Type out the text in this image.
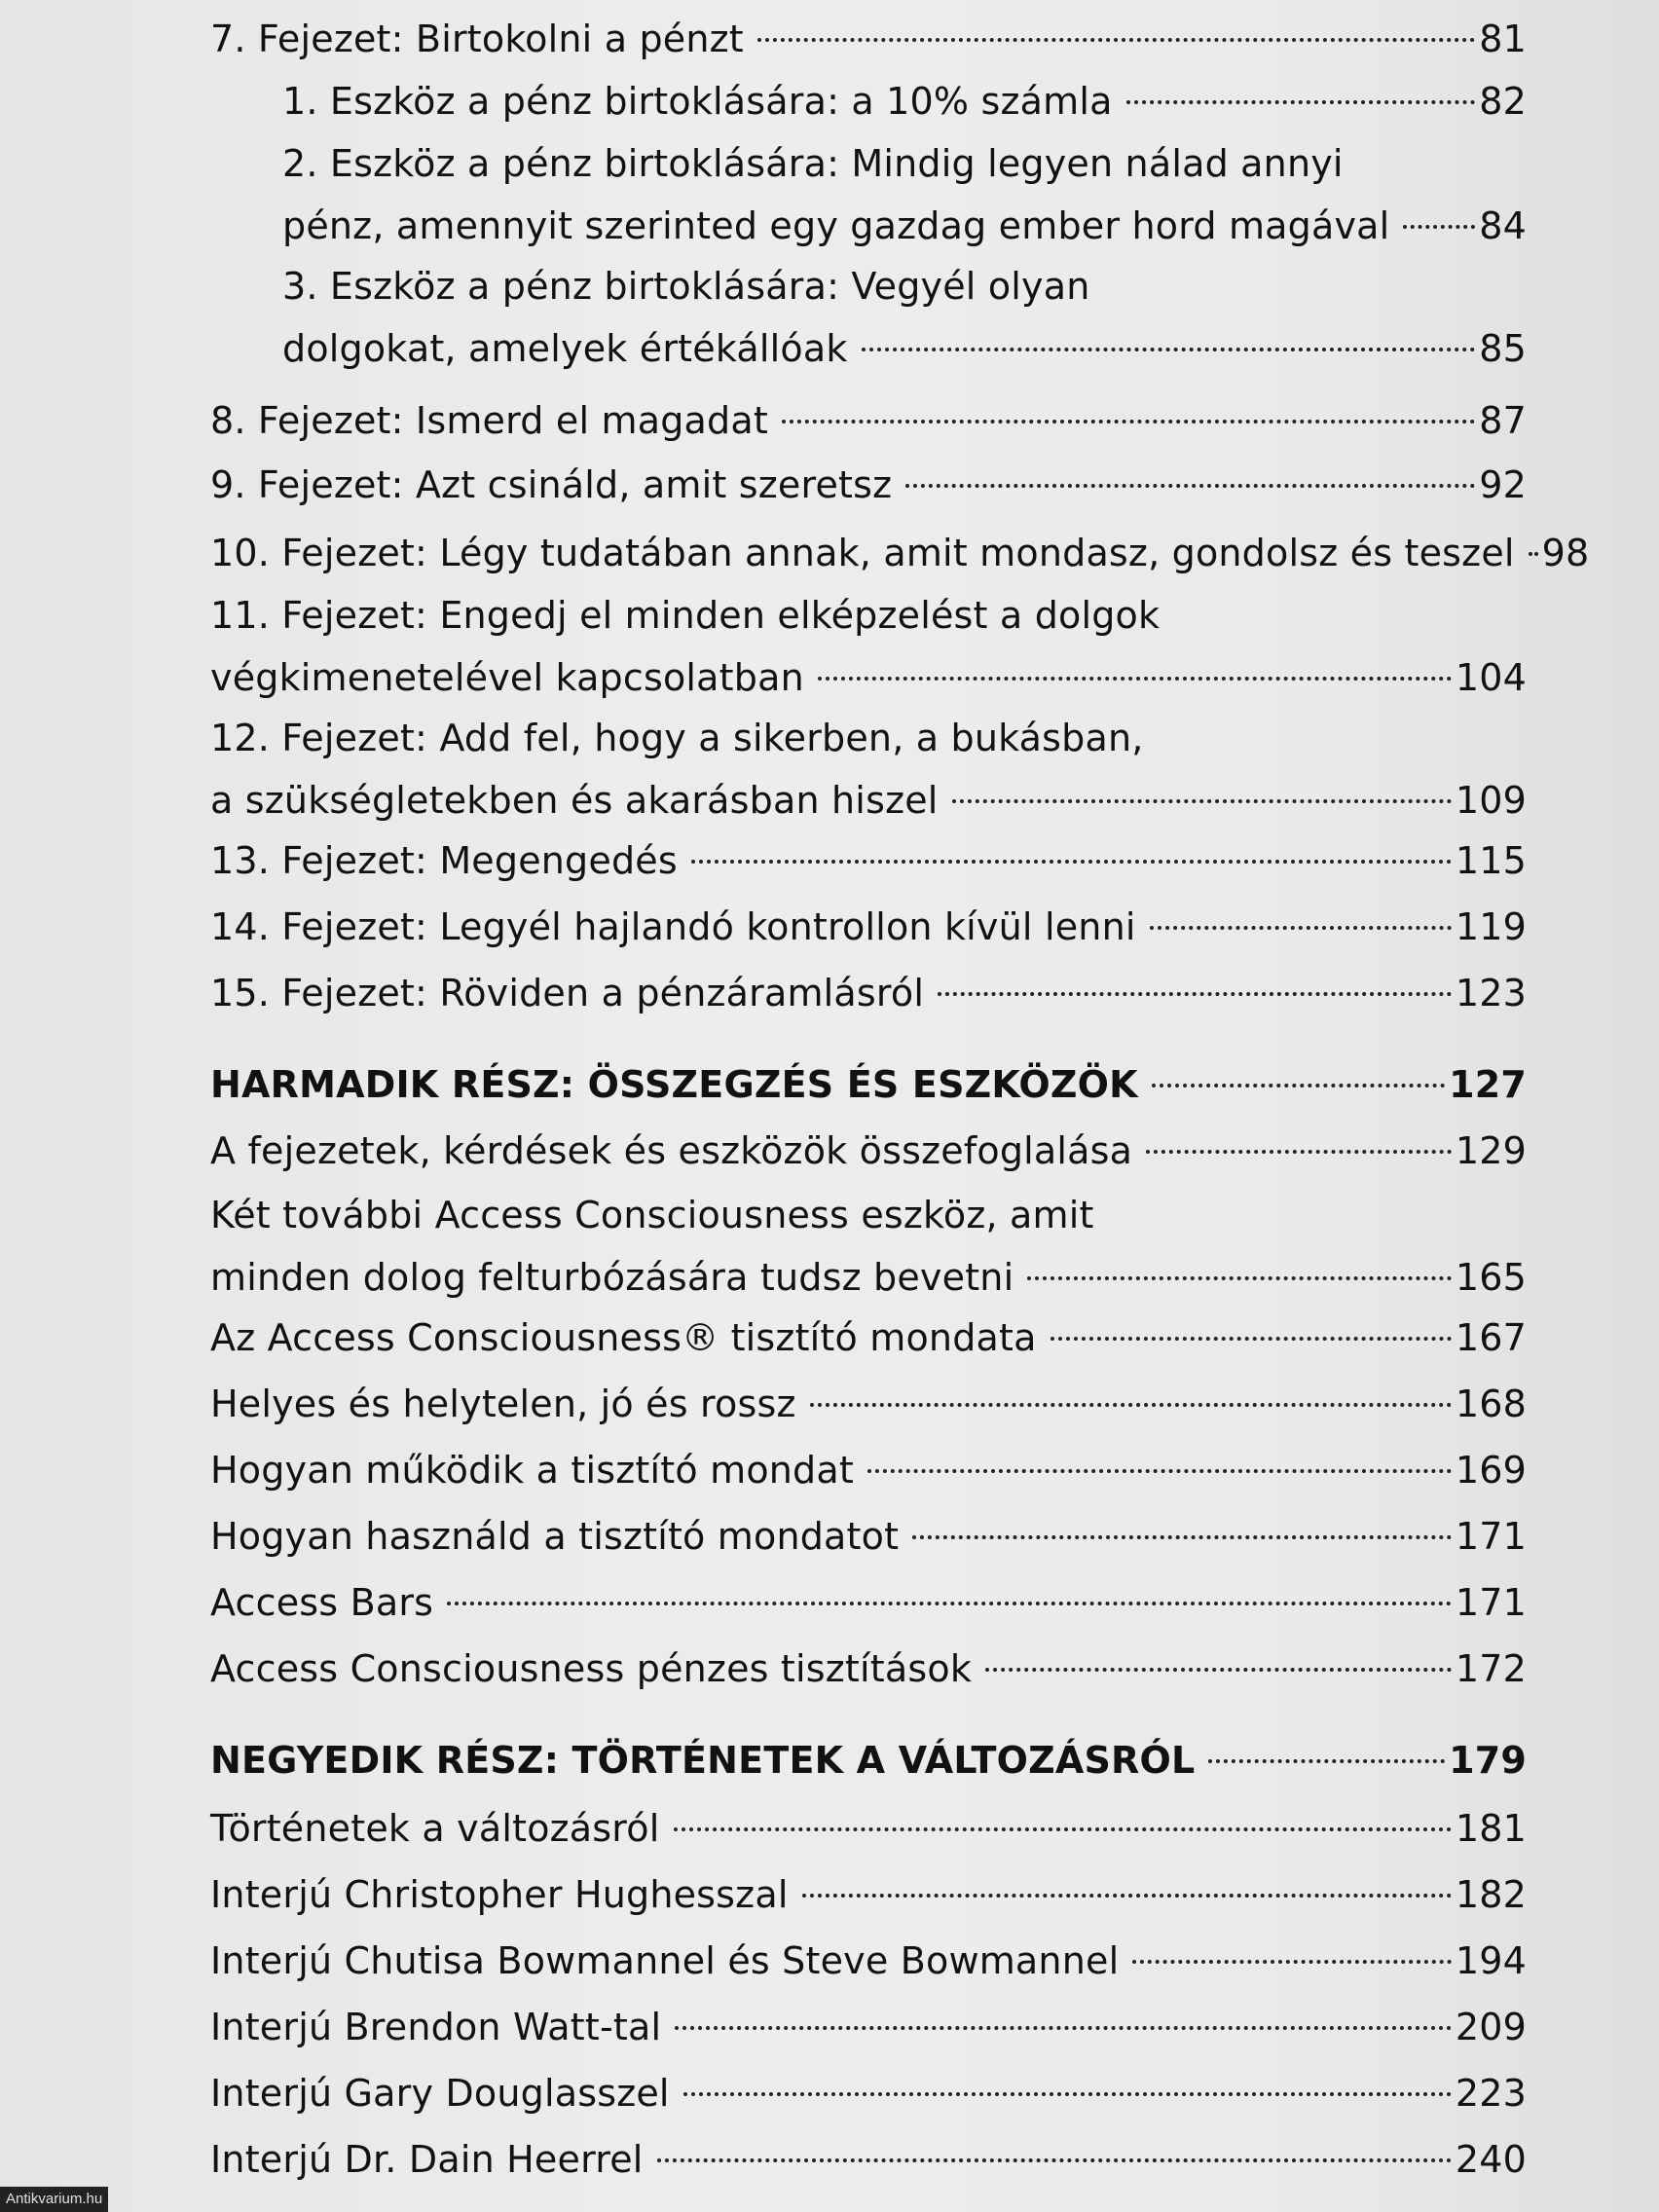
7. Fejezet: Birtokolni a pénzt	81
1. Eszköz a pénz birtoklására: a 10% számla	82
2. Eszköz a pénz birtoklására: Mindig legyen nálad annyi
pénz, amennyit szerinted egy gazdag ember hord magával 84
3. Eszköz a pénz birtoklására: Vegyél olyan
dolgokat, amelyek értékállóak	85
8. Fejezet: Ismerd el magadat	87
9. Fejezet: Azt csináld, amit szeretsz	92
10. Fejezet: Légy tudatában annak, amit mondasz, gondolsz és teszel 98
11. Fejezet: Engedj el minden elképzelést a dolgok
végkimenetelével kapcsolatban	104
12. Fejezet: Add fel, hogy a sikerben, a bukásban,
a szükségletekben és akarásban hiszel	109
13. Fejezet: Megengedés	115
14. Fejezet: Legyél hajlandó kontrollon kívül lenni	119
15. Fejezet: Röviden a pénzáramlásról	123
HARMADIK RÉSZ: ÖSSZEGZÉS ÉS ESZKÖZÖK	127
A fejezetek, kérdések és eszközök összefoglalása	129
Két további Access Consciousness eszköz, amit
minden dolog felturbózására tudsz bevetni	165
Az Access Consciousness® tisztító mondata	167
Helyes és helytelen, jó és rossz	168
Hogyan működik a tisztító mondat	169
Hogyan használd a tisztító mondatot	171
Access Bars	171
Access Consciousness pénzes tisztítások	172
NEGYEDIK RÉSZ: TÖRTÉNETEK A VÁLTOZÁSRÓL	179
Történetek a változásról	181
Interjú Christopher Hughesszal	182
Interjú Chutisa Bowmannel és Steve Bowmannel	194
Interjú Brendon Watt-tal	209
Interjú Gary Douglasszel	223
Interjú Dr. Dain Heerrel	240
Antikvarium.hu
